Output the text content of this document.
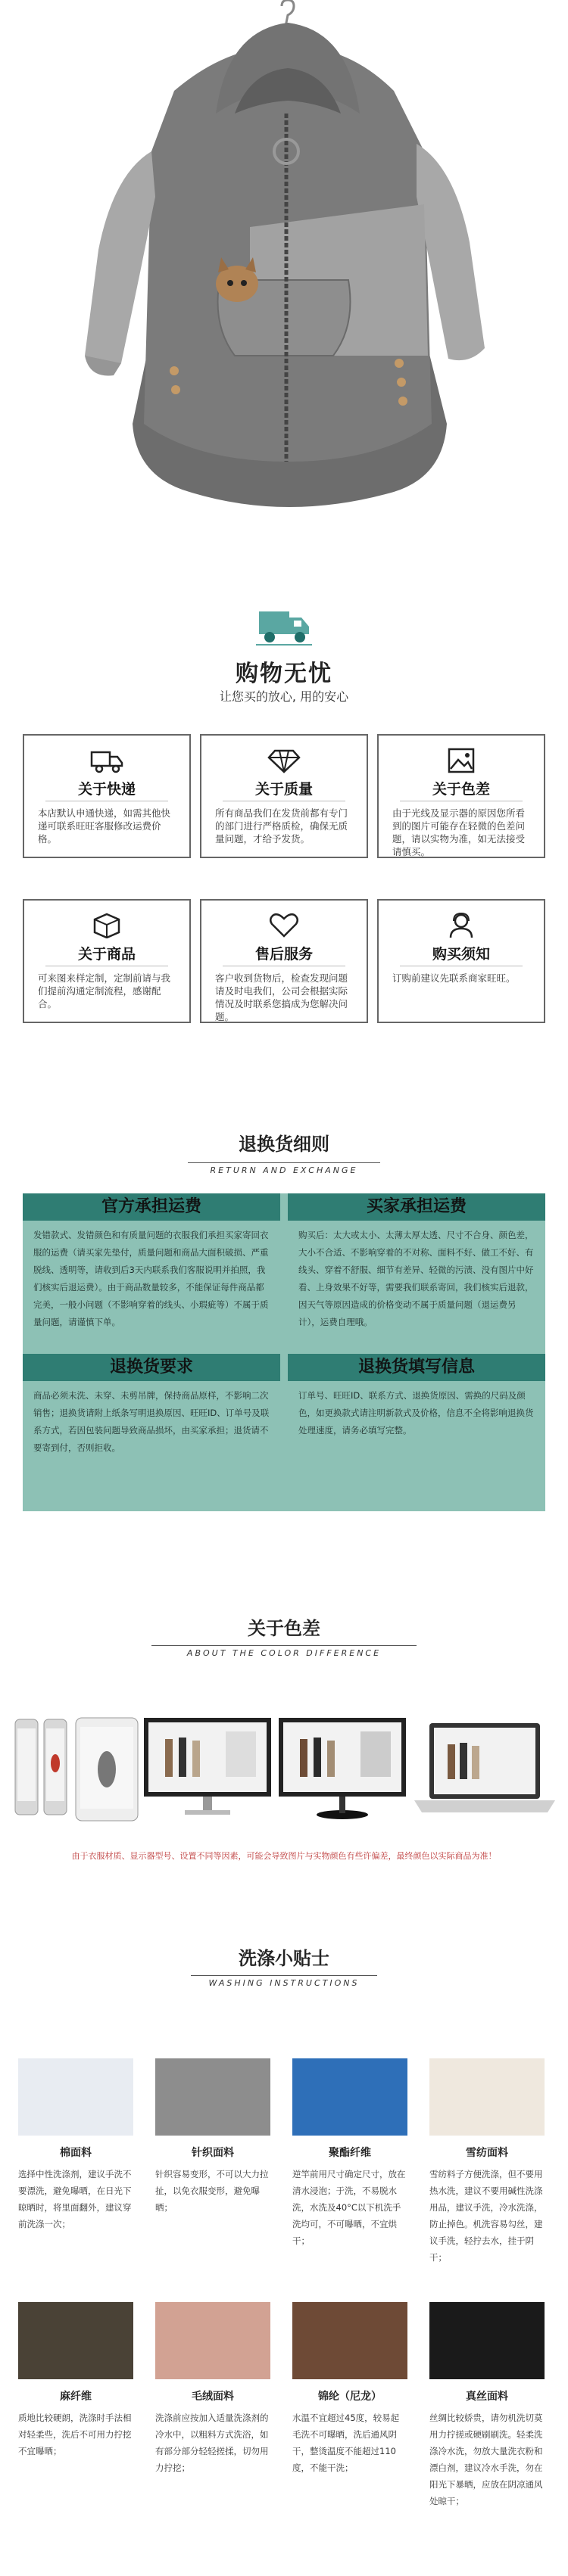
购物无忧
让您买的放心, 用的安心
关于快递
本店默认申通快递，如需其他快递可联系旺旺客服修改运费价格。
关于质量
所有商品我们在发货前都有专门的部门进行严格质检，确保无质量问题，才给予发货。
关于色差
由于光线及显示器的原因您所看到的图片可能存在轻微的色差问题，请以实物为准，如无法接受请慎买。
关于商品
可来图来样定制，定制前请与我们提前沟通定制流程，感谢配合。
售后服务
客户收到货物后，检查发现问题请及时电我们，公司会根据实际情况及时联系您搞成为您解决问题。
购买须知
订购前建议先联系商家旺旺。
退换货细则
RETURN AND EXCHANGE
官方承担运费	买家承担运费
发错款式、发错颜色和有质量问题的衣服我们承担买家寄回衣服的运费（请买家先垫付，质量问题和商品大面积破损、严重脱线、透明等，请收到后3天内联系我们客服说明并拍照，我们核实后退运费）。由于商品数量较多，不能保证每件商品都完美，一般小问题（不影响穿着的线头、小瑕疵等）不属于质量问题，请谨慎下单。
购买后：太大或太小、太薄太厚太透、尺寸不合身、颜色差，大小不合适、不影响穿着的不对称、面料不好、做工不好、有线头、穿着不舒服、细节有差异、轻微的污渍、没有图片中好看、上身效果不好等，需要我们联系寄回，我们核实后退款，因天气等原因造成的价格变动不属于质量问题（退运费另计），运费自理哦。
退换货要求	退换货填写信息
商品必须未洗、未穿、未剪吊牌，保持商品原样，不影响二次销售；退换货请附上纸条写明退换原因、旺旺ID、订单号及联系方式，若因包装问题导致商品损坏，由买家承担；退货请不要寄到付，否则拒收。
订单号、旺旺ID、联系方式、退换货原因、需换的尺码及颜色，如更换款式请注明新款式及价格，信息不全将影响退换货处理速度，请务必填写完整。
关于色差
ABOUT THE COLOR DIFFERENCE
由于衣服材质、显示器型号、设置不同等因素，可能会导致图片与实物颜色有些许偏差，最终颜色以实际商品为准！
洗涤小贴士
WASHING INSTRUCTIONS
棉面料
选择中性洗涤剂，建议手洗不要漂洗，避免曝晒，在日光下晾晒时，将里面翻外，建议穿前洗涤一次；
针织面料
针织容易变形，不可以大力拉扯，以免衣服变形，避免曝晒；
聚酯纤维
逆竿前用尺寸确定尺寸，放在清水浸泡；于洗，不易脱水洗，水洗及40°C以下机洗手洗均可，不可曝晒，不宜烘干；
雪纺面料
雪纺料子方便洗涤，但不要用热水洗，建议不要用碱性洗涤用品，建议手洗，冷水洗涤，防止掉色。机洗容易勾丝，建议手洗，轻拧去水，挂于阴干；
麻纤维
质地比较硬朗，洗涤时手法相对轻柔些，洗后不可用力拧挖不宜曝晒；
毛绒面料
洗涤前应按加入适量洗涤剂的冷水中，以粗料方式洗浴，如有部分部分轻轻搓揉，切勿用力拧挖；
锦纶（尼龙）
水温不宜超过45度，较易起毛洗不可曝晒，洗后通风阴干，整烫温度不能超过110度，不能干洗；
真丝面料
丝绸比较娇贵，请勿机洗切莫用力拧搓或硬刷刷洗。轻柔洗涤冷水洗，勿放大量洗衣粉和漂白剂，建议冷水手洗，勿在阳光下暴晒，应放在阴凉通风处晾干；
